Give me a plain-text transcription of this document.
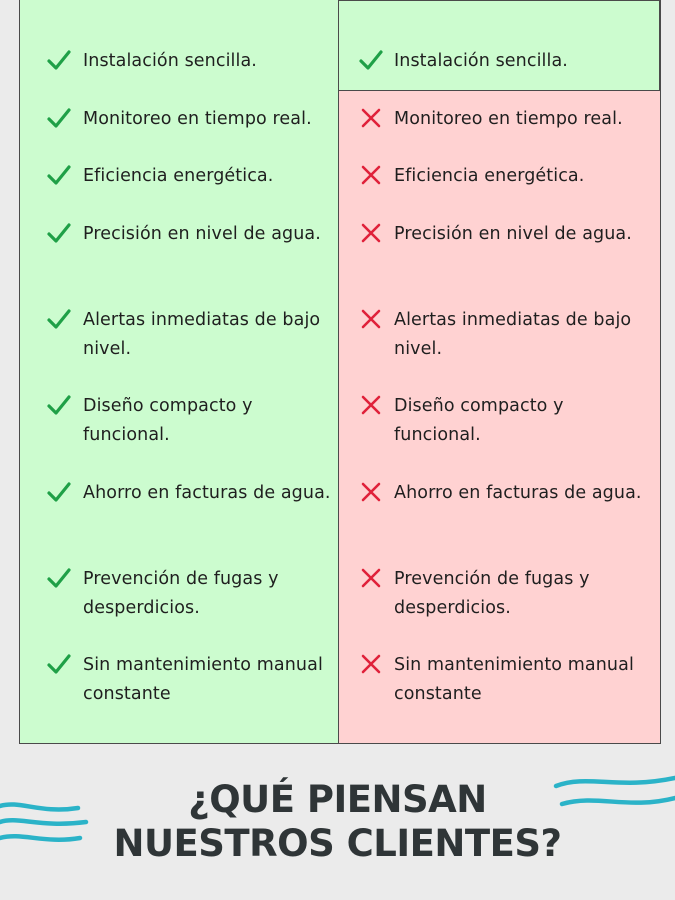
Instalación sencilla.
Monitoreo en tiempo real.
Eficiencia energética.
Precisión en nivel de agua.
Alertas inmediatas de bajo nivel.
Diseño compacto y funcional.
Ahorro en facturas de agua.
Prevención de fugas y desperdicios.
Sin mantenimiento manual constante
Instalación sencilla.
Monitoreo en tiempo real.
Eficiencia energética.
Precisión en nivel de agua.
Alertas inmediatas de bajo nivel.
Diseño compacto y funcional.
Ahorro en facturas de agua.
Prevención de fugas y desperdicios.
Sin mantenimiento manual constante
¿QUÉ PIENSAN
NUESTROS CLIENTES?
